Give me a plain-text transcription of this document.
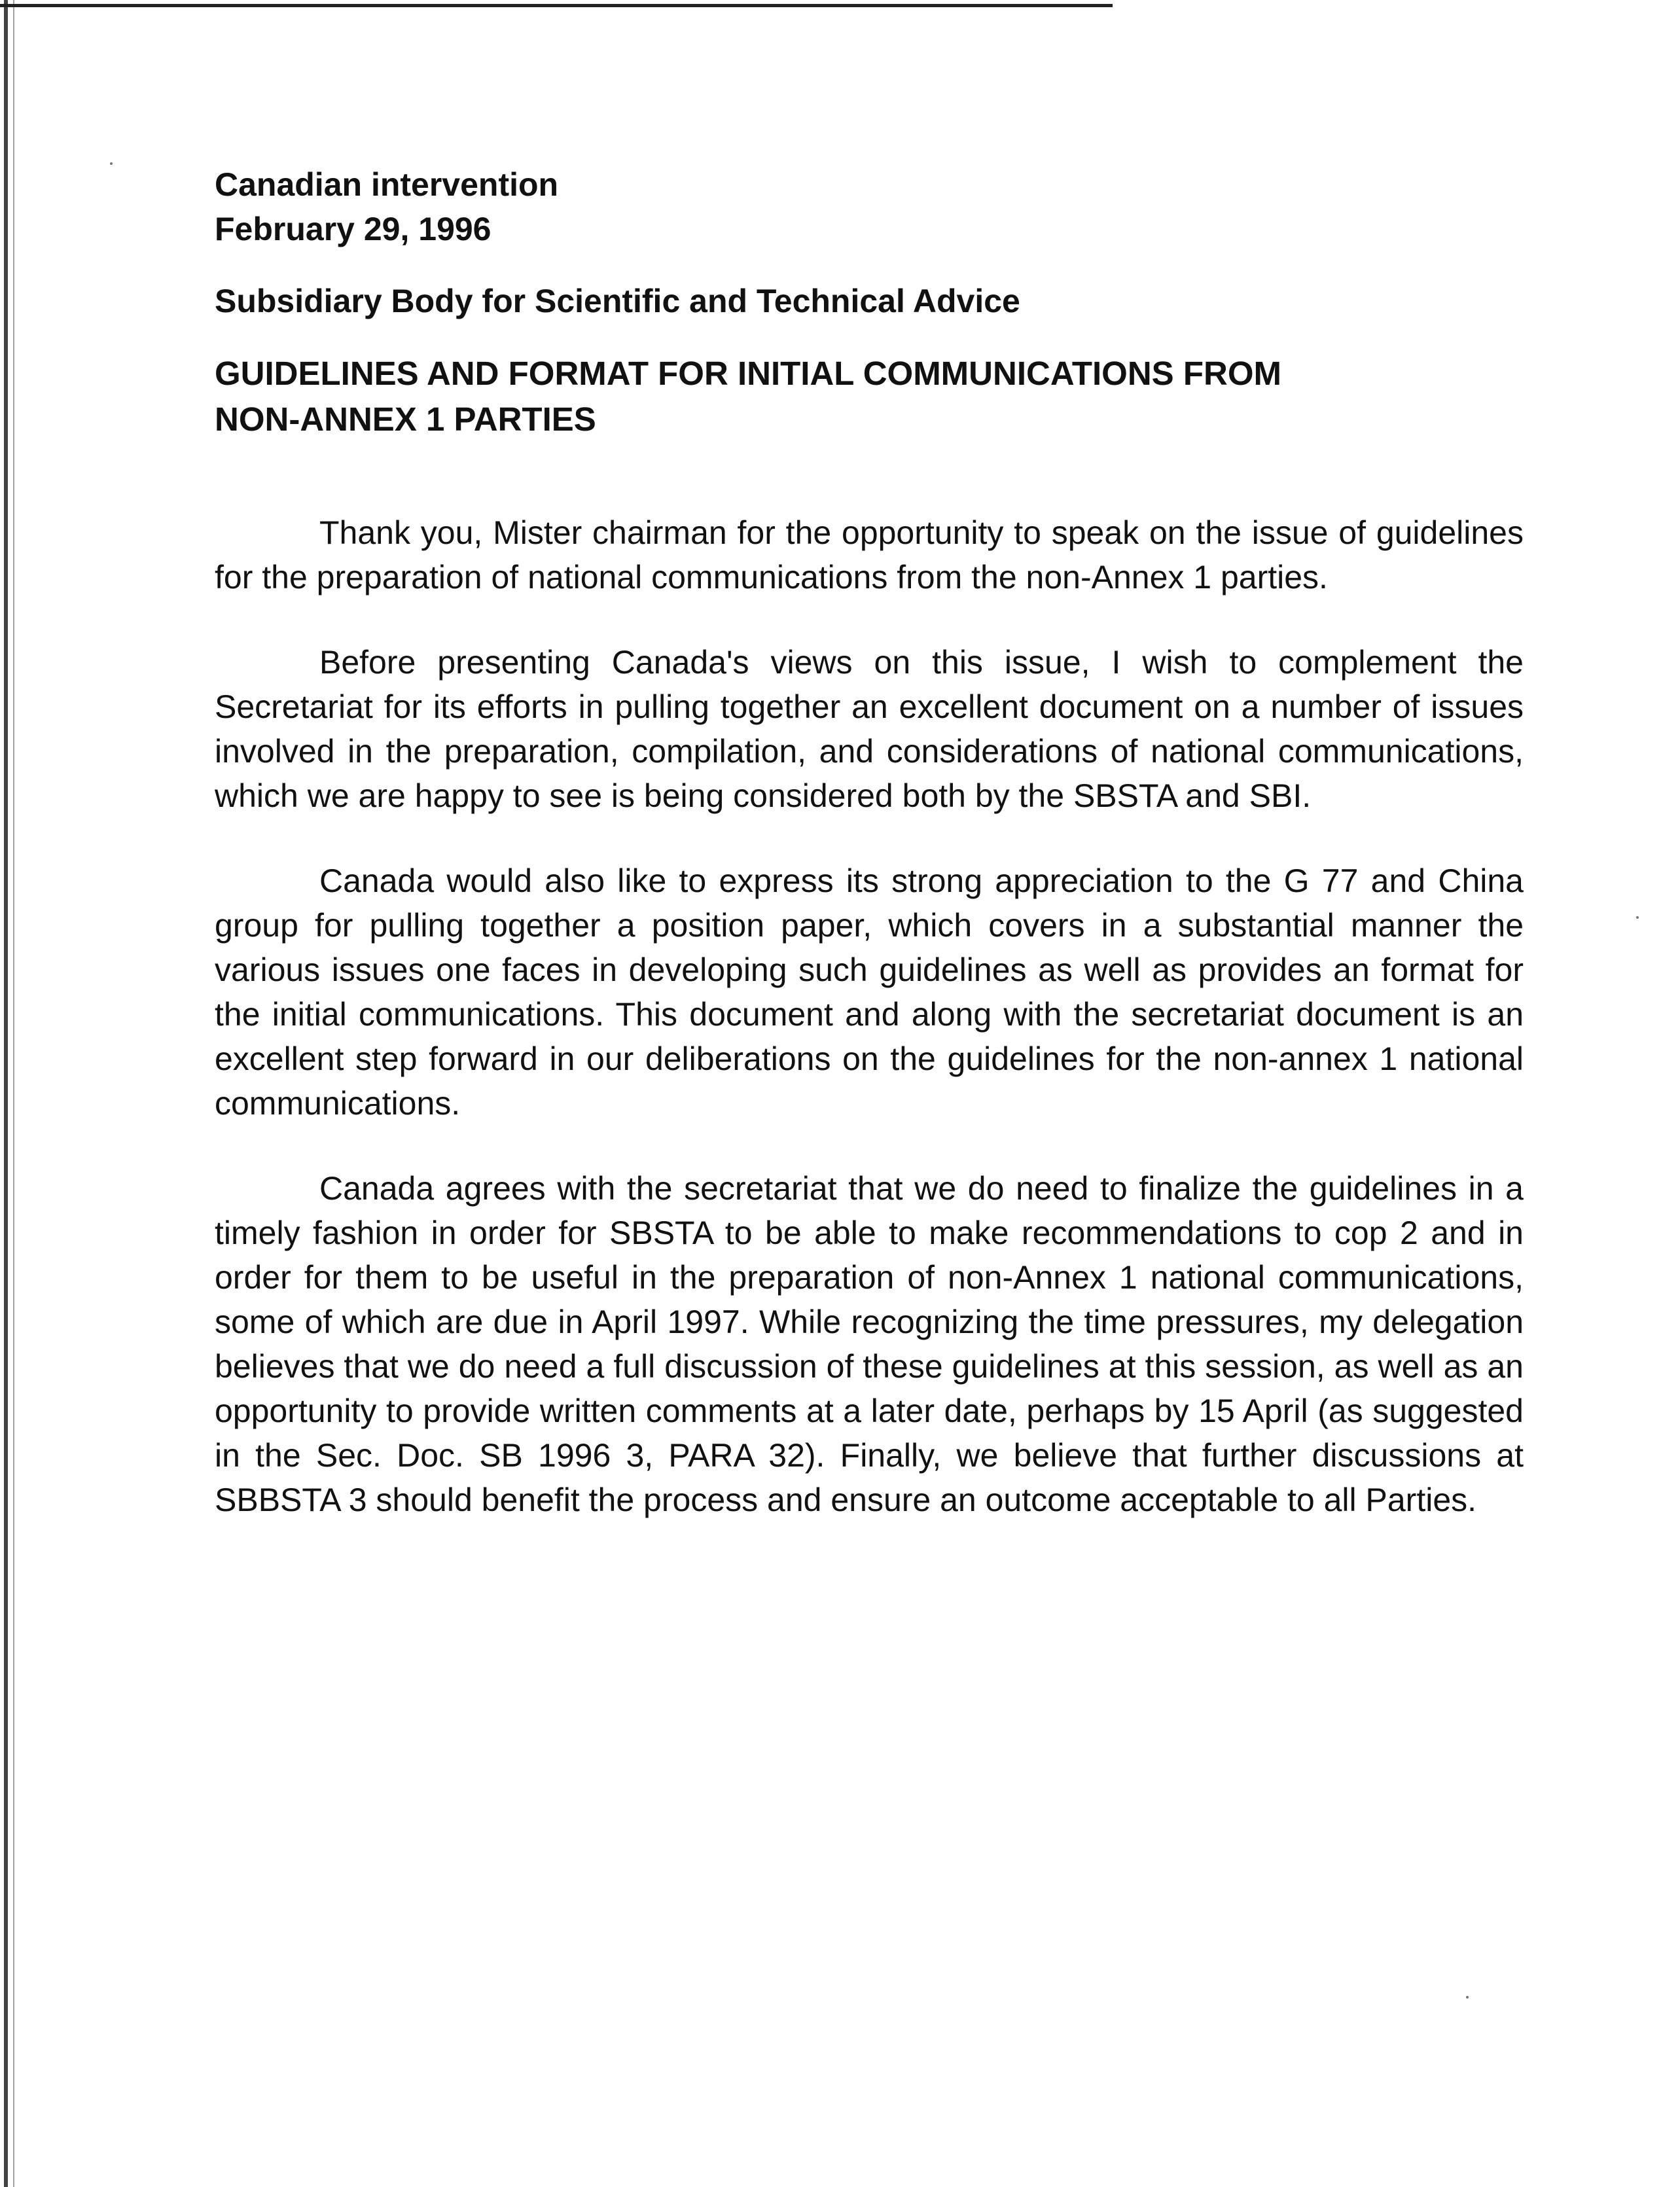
Canadian intervention

February 29, 1996

Subsidiary Body for Scientific and Technical Advice

GUIDELINES AND FORMAT FOR INITIAL COMMUNICATIONS FROM
NON-ANNEX 1 PARTIES

Thank you, Mister chairman for the opportunity to speak on the issue of guidelines for the preparation of national communications from the non-Annex 1 parties.

Before presenting Canada's views on this issue, I wish to complement the Secretariat for its efforts in pulling together an excellent document on a number of issues involved in the preparation, compilation, and considerations of national communications, which we are happy to see is being considered both by the SBSTA and SBI.

Canada would also like to express its strong appreciation to the G 77 and China group for pulling together a position paper, which covers in a substantial manner the various issues one faces in developing such guidelines as well as provides an format for the initial communications. This document and along with the secretariat document is an excellent step forward in our deliberations on the guidelines for the non-annex 1 national communications.

Canada agrees with the secretariat that we do need to finalize the guidelines in a timely fashion in order for SBSTA to be able to make recommendations to cop 2 and in order for them to be useful in the preparation of non-Annex 1 national communications, some of which are due in April 1997. While recognizing the time pressures, my delegation believes that we do need a full discussion of these guidelines at this session, as well as an opportunity to provide written comments at a later date, perhaps by 15 April (as suggested in the Sec. Doc. SB 1996 3, PARA 32). Finally, we believe that further discussions at SBBSTA 3 should benefit the process and ensure an outcome acceptable to all Parties.
